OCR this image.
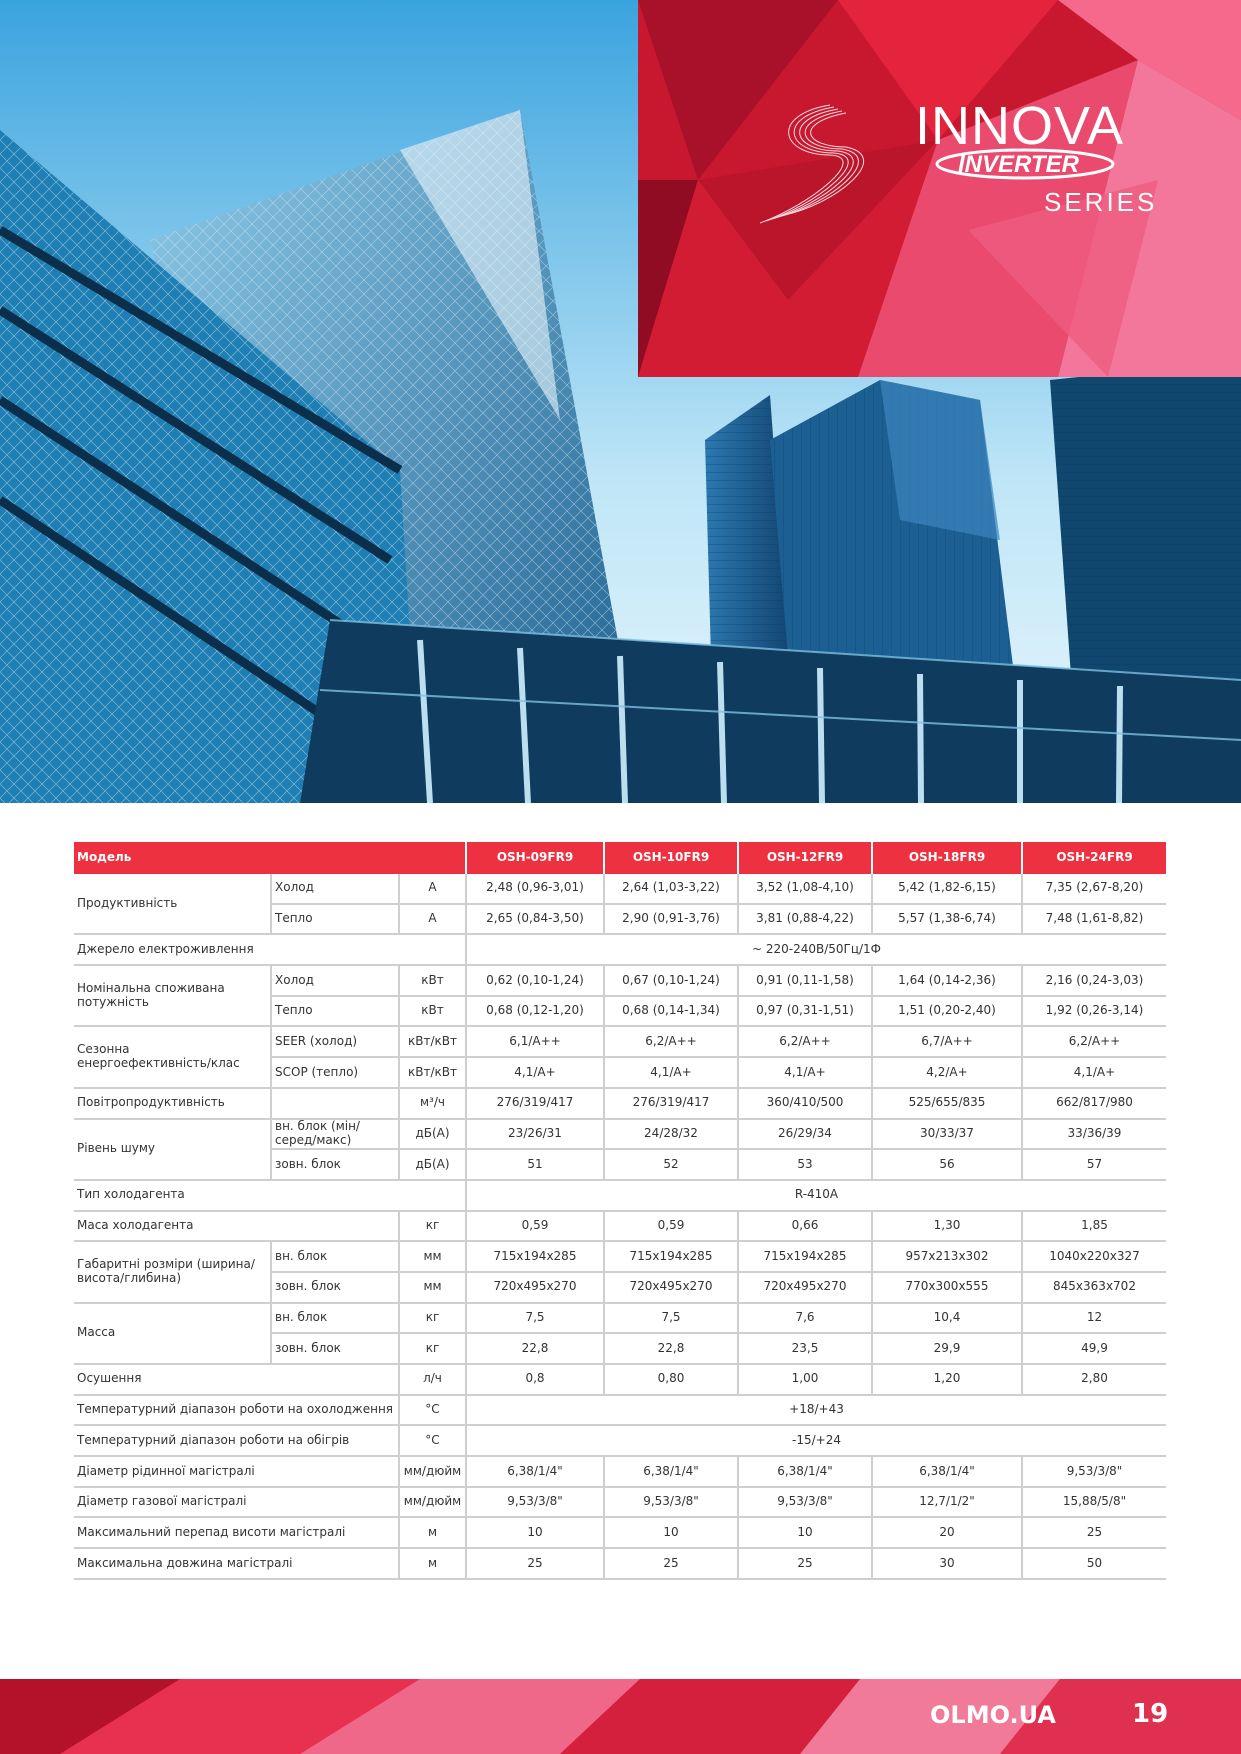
INNOVA
INVERTER
SERIES
Модель			OSH-09FR9	OSH-10FR9	OSH-12FR9	OSH-18FR9	OSH-24FR9
Продуктивність	Холод	А	2,48 (0,96-3,01)	2,64 (1,03-3,22)	3,52 (1,08-4,10)	5,42 (1,82-6,15)	7,35 (2,67-8,20)
	Тепло	А	2,65 (0,84-3,50)	2,90 (0,91-3,76)	3,81 (0,88-4,22)	5,57 (1,38-6,74)	7,48 (1,61-8,82)
Джерело електроживлення			~ 220-240В/50Гц/1Ф				
Номінальна споживана потужність	Холод	кВт	0,62 (0,10-1,24)	0,67 (0,10-1,24)	0,91 (0,11-1,58)	1,64 (0,14-2,36)	2,16 (0,24-3,03)
	Тепло	кВт	0,68 (0,12-1,20)	0,68 (0,14-1,34)	0,97 (0,31-1,51)	1,51 (0,20-2,40)	1,92 (0,26-3,14)
Сезонна енергоефективність/клас	SEER (холод)	кВт/кВт	6,1/A++	6,2/A++	6,2/A++	6,7/A++	6,2/A++
	SCOP (тепло)	кВт/кВт	4,1/A+	4,1/A+	4,1/A+	4,2/A+	4,1/A+
Повітропродуктивність		м³/ч	276/319/417	276/319/417	360/410/500	525/655/835	662/817/980
Рівень шуму	вн. блок (мін/серед/макс)	дБ(А)	23/26/31	24/28/32	26/29/34	30/33/37	33/36/39
	зовн. блок	дБ(А)	51	52	53	56	57
Тип холодагента			R-410A				
Маса холодагента		кг	0,59	0,59	0,66	1,30	1,85
Габаритні розміри (ширина/висота/глибина)	вн. блок	мм	715x194x285	715x194x285	715x194x285	957x213x302	1040x220x327
	зовн. блок	мм	720x495x270	720x495x270	720x495x270	770x300x555	845x363x702
Масса	вн. блок	кг	7,5	7,5	7,6	10,4	12
	зовн. блок	кг	22,8	22,8	23,5	29,9	49,9
Осушення		л/ч	0,8	0,80	1,00	1,20	2,80
Температурний діапазон роботи на охолодження		°С	+18/+43				
Температурний діапазон роботи на обігрів		°С	-15/+24				
Діаметр рідинної магістралі		мм/дюйм	6,38/1/4"	6,38/1/4"	6,38/1/4"	6,38/1/4"	9,53/3/8"
Діаметр газової магістралі		мм/дюйм	9,53/3/8"	9,53/3/8"	9,53/3/8"	12,7/1/2"	15,88/5/8"
Максимальний перепад висоти магістралі		м	10	10	10	20	25
Максимальна довжина магістралі		м	25	25	25	30	50
OLMO.UA	19
